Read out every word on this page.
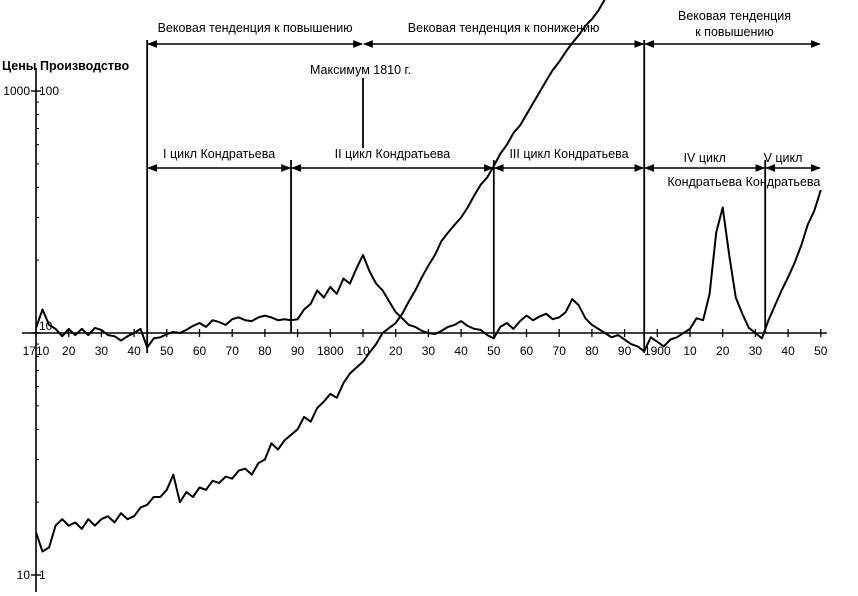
1000
10
100
10
1
Цены Производство
1710 20 30 40 50 60 70 80 90 1800 10 20 30 40 50 60 70 80 90 1900 10 20 30 40 50
Максимум 1810 г.
Вековая тенденция к повышению	Вековая тенденция к понижению
Вековая тенденция
к повышению
I цикл Кондратьева	II цикл Кондратьева	III цикл Кондратьева	IV цикл
Кондратьева
V цикл
Кондратьева
